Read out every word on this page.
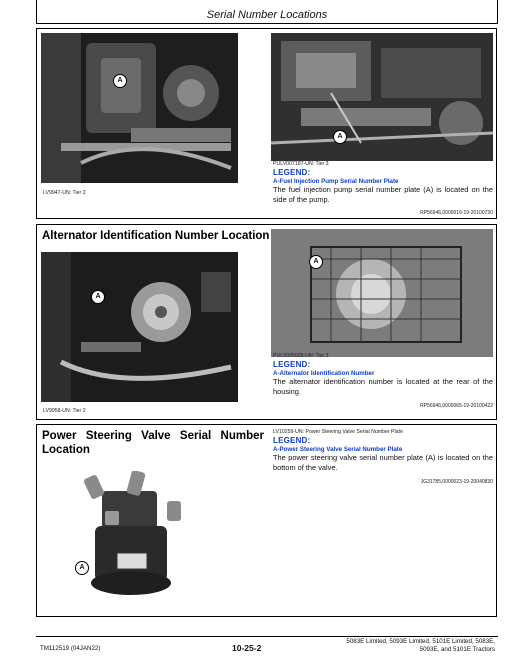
Serial Number Locations
A
LV9947-UN: Tier 2
A
PULV007187-UN: Tier 3
LEGEND:
A-Fuel Injection Pump Serial Number Plate
The fuel injection pump serial number plate (A) is located on the side of the pump.
RP56946,0000016-19-20100730
Alternator Identification Number Location
A
LV9958-UN: Tier 2
A
PULV005028-UN: Tier 3
LEGEND:
A-Alternator Identification Number
The alternator identification number is located at the rear of the housing.
RP56946,0000065-19-20100422
Power Steering Valve Serial Number Location
A
LV10259-UN: Power Steering Valve Serial Number Plate
LEGEND:
A-Power Steering Valve Serial Number Plate
The power steering valve serial number plate (A) is located on the bottom of the valve.
JG31785,0000023-19-20040830
TM112519 (04JAN22)	10-25-2
5083E Limited, 5093E Limited, 5101E Limited, 5083E,
5093E, and 5101E Tractors
